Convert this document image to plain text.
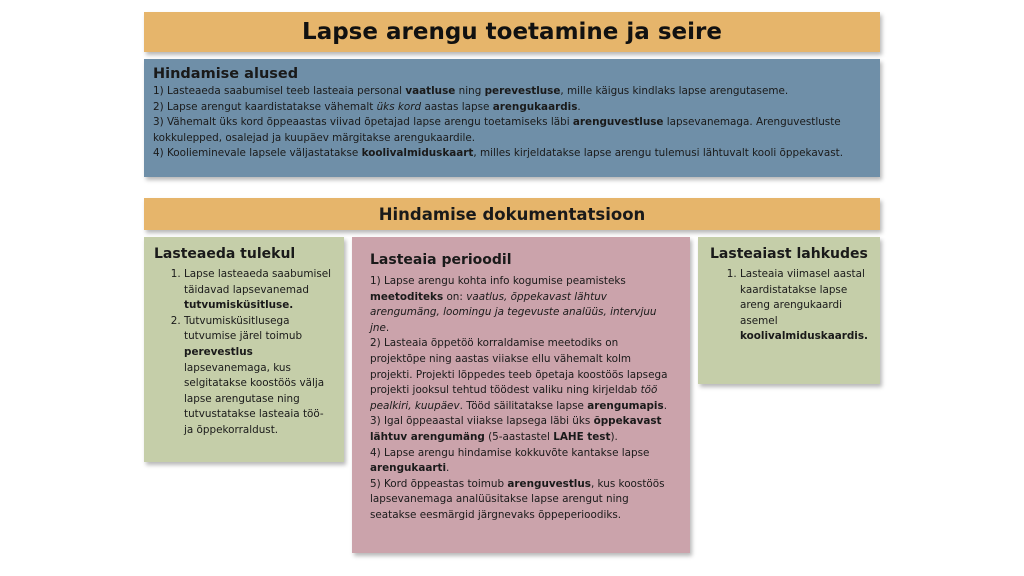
Lapse arengu toetamine ja seire
Hindamise alused

1) Lasteaeda saabumisel teeb lasteaia personal vaatluse ning perevestluse, mille käigus kindlaks lapse arengutaseme.

2) Lapse arengut kaardistatakse vähemalt üks kord aastas lapse arengukaardis.

3) Vähemalt üks kord õppeaastas viivad õpetajad lapse arengu toetamiseks läbi arenguvestluse lapsevanemaga. Arenguvestluste kokkulepped, osalejad ja kuupäev märgitakse arengukaardile.

4) Koolieminevale lapsele väljastatakse koolivalmiduskaart, milles kirjeldatakse lapse arengu tulemusi lähtuvalt kooli õppekavast.

Hindamise dokumentatsioon
Lasteaeda tulekul
1. Lapse lasteaeda saabumisel täidavad lapsevanemad tutvumisküsitluse.
2. Tutvumisküsitlusega tutvumise järel toimub perevestlus lapsevanemaga, kus selgitatakse koostöös välja lapse arengutase ning tutvustatakse lasteaia töö- ja õppekorraldust.
Lasteaia perioodil

1) Lapse arengu kohta info kogumise peamisteks meetoditeks on: vaatlus, õppekavast lähtuv arengumäng, loomingu ja tegevuste analüüs, intervjuu jne.

2) Lasteaia õppetöö korraldamise meetodiks on projektõpe ning aastas viiakse ellu vähemalt kolm projekti. Projekti lõppedes teeb õpetaja koostöös lapsega projekti jooksul tehtud töödest valiku ning kirjeldab töö pealkiri, kuupäev. Tööd säilitatakse lapse arengumapis.

3) Igal õppeaastal viiakse lapsega läbi üks õppekavast lähtuv arengumäng (5-aastastel LAHE test).

4) Lapse arengu hindamise kokkuvõte kantakse lapse arengukaarti.

5) Kord õppeastas toimub arenguvestlus, kus koostöös lapsevanemaga analüüsitakse lapse arengut ning seatakse eesmärgid järgnevaks õppeperioodiks.

Lasteaiast lahkudes
1. Lasteaia viimasel aastal kaardistatakse lapse areng arengukaardi asemel koolivalmiduskaardis.
